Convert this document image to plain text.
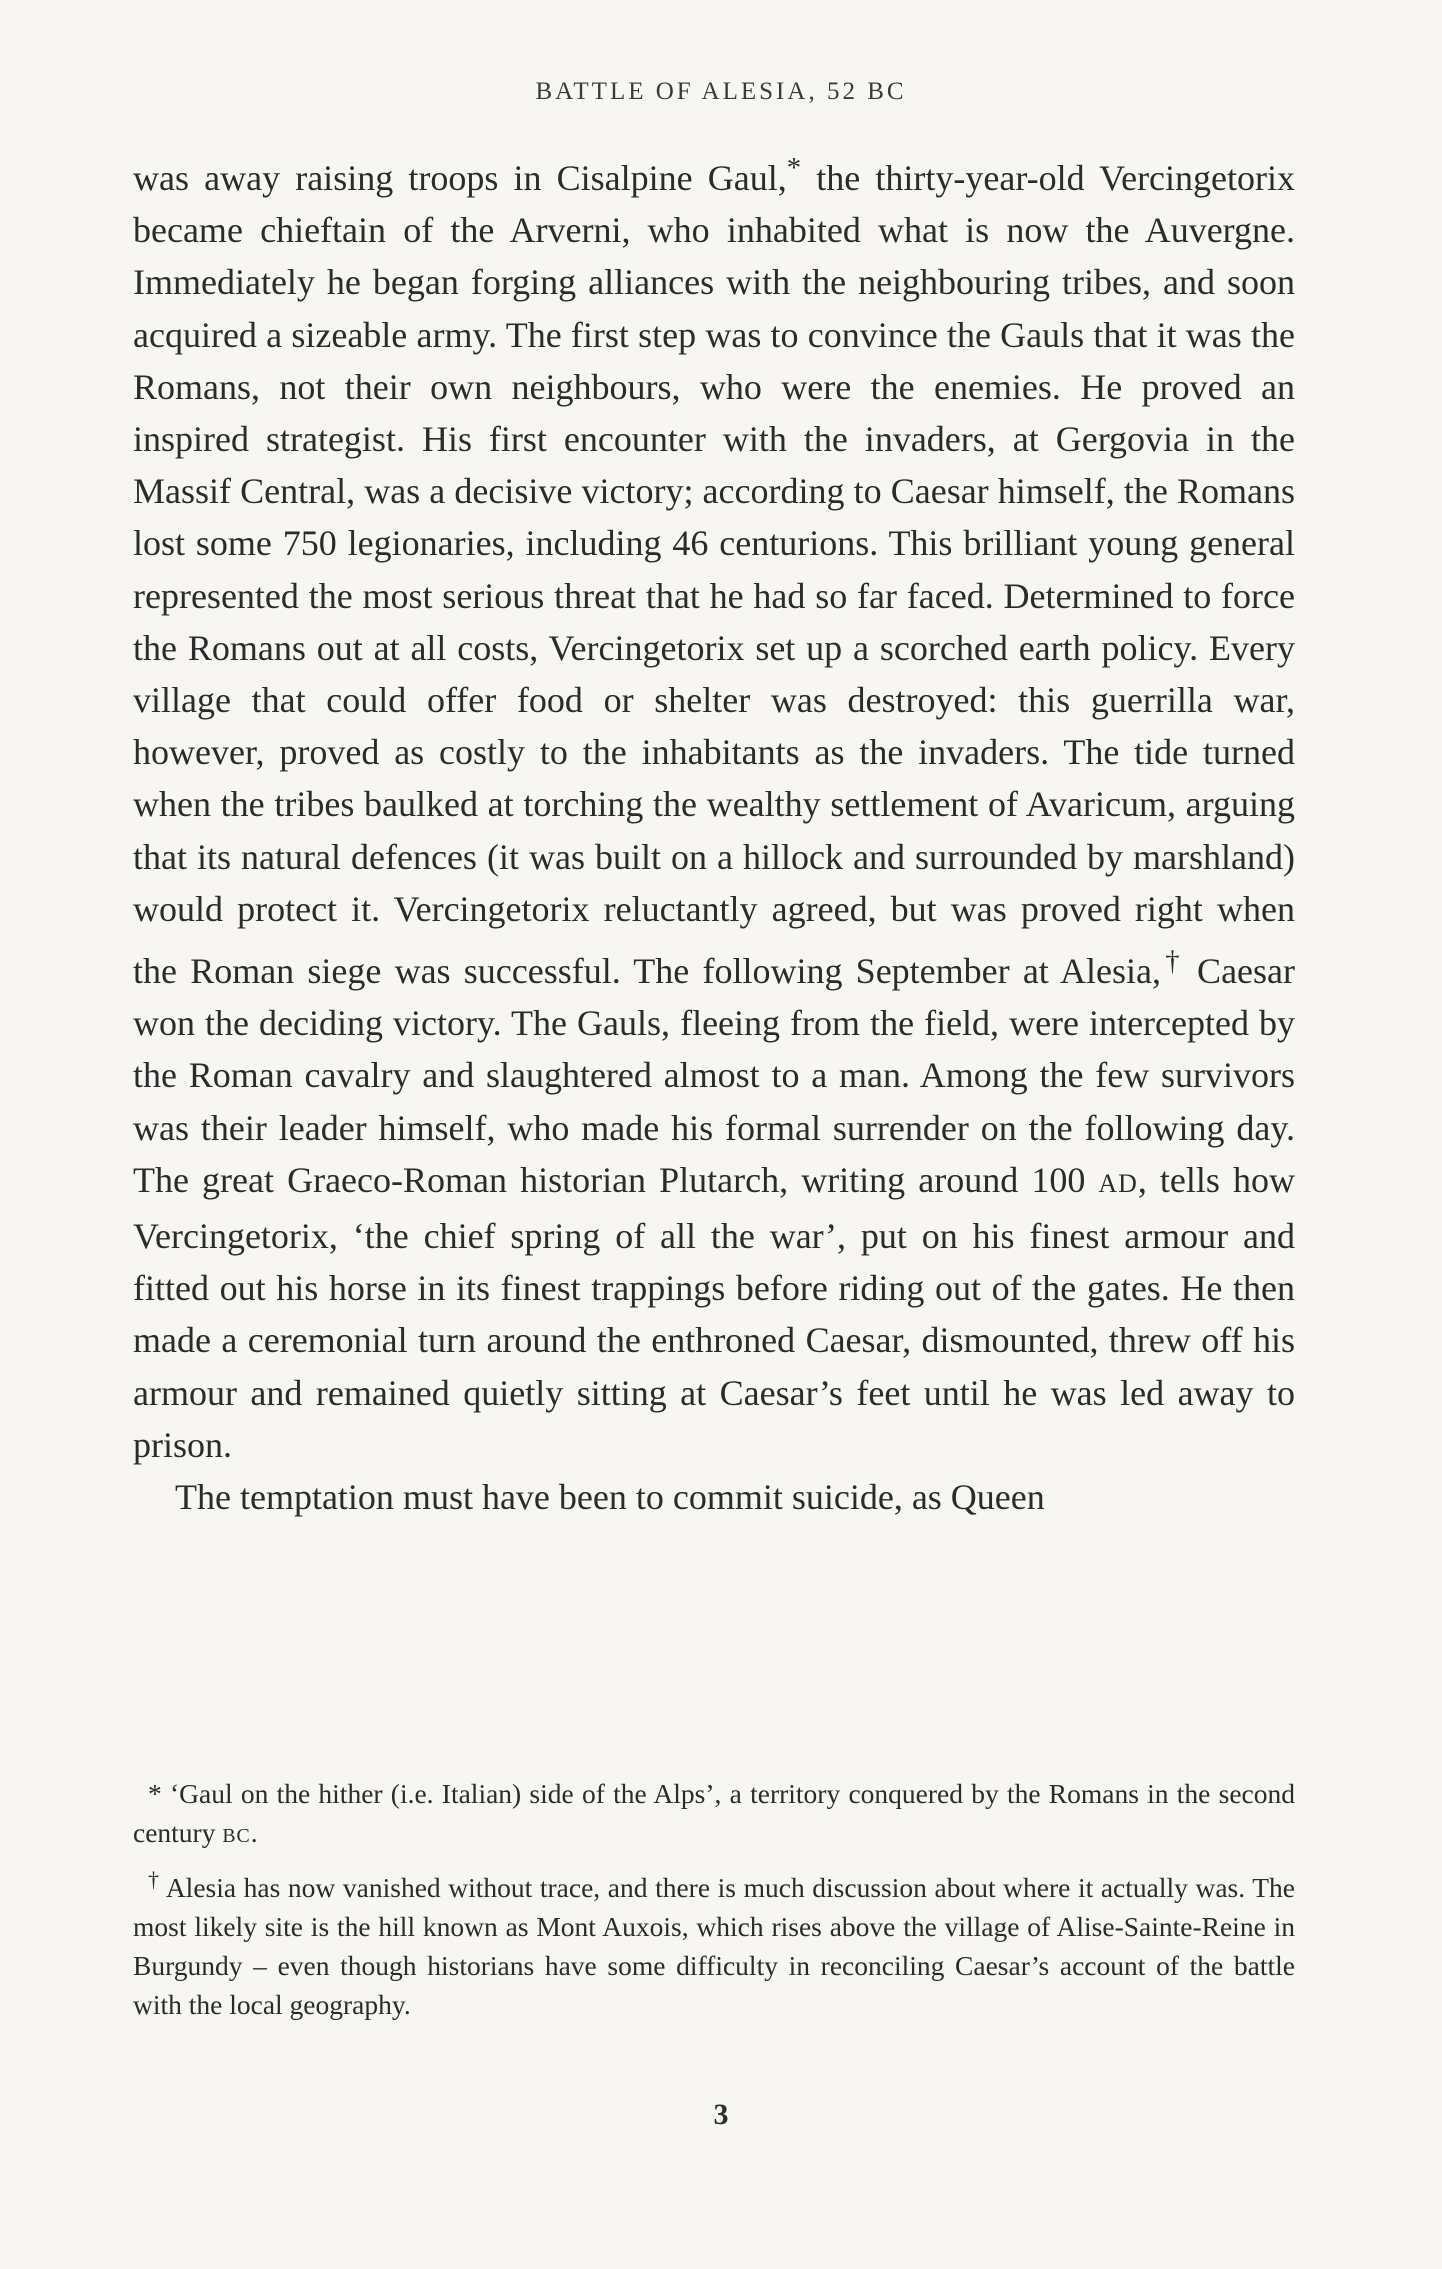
BATTLE OF ALESIA, 52 BC

was away raising troops in Cisalpine Gaul,* the thirty-year-old Vercingetorix became chieftain of the Arverni, who inhabited what is now the Auvergne. Immediately he began forging alliances with the neighbouring tribes, and soon acquired a sizeable army. The first step was to convince the Gauls that it was the Romans, not their own neighbours, who were the enemies. He proved an inspired strategist. His first encounter with the invaders, at Gergovia in the Massif Central, was a decisive victory; according to Caesar himself, the Romans lost some 750 legionaries, including 46 centurions. This brilliant young general represented the most serious threat that he had so far faced. Determined to force the Romans out at all costs, Vercingetorix set up a scorched earth policy. Every village that could offer food or shelter was destroyed: this guerrilla war, however, proved as costly to the inhabitants as the invaders. The tide turned when the tribes baulked at torching the wealthy settlement of Avaricum, arguing that its natural defences (it was built on a hillock and surrounded by marshland) would protect it. Vercingetorix reluctantly agreed, but was proved right when the Roman siege was successful. The following September at Alesia,† Caesar won the deciding victory. The Gauls, fleeing from the field, were intercepted by the Roman cavalry and slaughtered almost to a man. Among the few survivors was their leader himself, who made his formal surrender on the following day. The great Graeco-Roman historian Plutarch, writing around 100 AD, tells how Vercingetorix, ‘the chief spring of all the war’, put on his finest armour and fitted out his horse in its finest trappings before riding out of the gates. He then made a ceremonial turn around the enthroned Caesar, dismounted, threw off his armour and remained quietly sitting at Caesar’s feet until he was led away to prison.

The temptation must have been to commit suicide, as Queen

* ‘Gaul on the hither (i.e. Italian) side of the Alps’, a territory conquered by the Romans in the second century BC.

† Alesia has now vanished without trace, and there is much discussion about where it actually was. The most likely site is the hill known as Mont Auxois, which rises above the village of Alise-Sainte-Reine in Burgundy – even though historians have some difficulty in reconciling Caesar’s account of the battle with the local geography.

3
